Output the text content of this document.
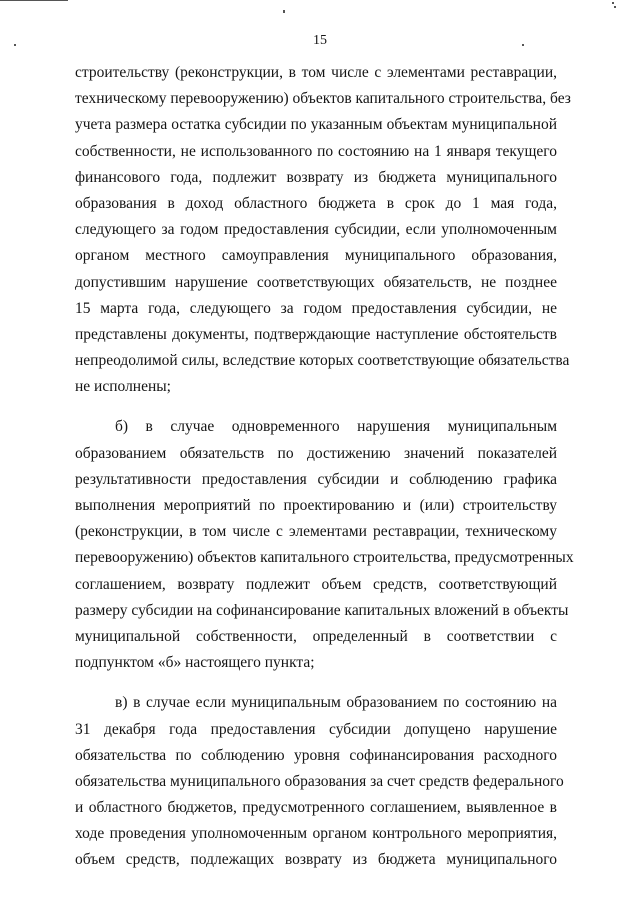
15
строительству (реконструкции, в том числе с элементами реставрации,
техническому перевооружению) объектов капитального строительства, без
учета размера остатка субсидии по указанным объектам муниципальной
собственности, не использованного по состоянию на 1 января текущего
финансового года, подлежит возврату из бюджета муниципального
образования в доход областного бюджета в срок до 1 мая года,
следующего за годом предоставления субсидии, если уполномоченным
органом местного самоуправления муниципального образования,
допустившим нарушение соответствующих обязательств, не позднее
15 марта года, следующего за годом предоставления субсидии, не
представлены документы, подтверждающие наступление обстоятельств
непреодолимой силы, вследствие которых соответствующие обязательства
не исполнены;
б) в случае одновременного нарушения муниципальным
образованием обязательств по достижению значений показателей
результативности предоставления субсидии и соблюдению графика
выполнения мероприятий по проектированию и (или) строительству
(реконструкции, в том числе с элементами реставрации, техническому
перевооружению) объектов капитального строительства, предусмотренных
соглашением, возврату подлежит объем средств, соответствующий
размеру субсидии на софинансирование капитальных вложений в объекты
муниципальной собственности, определенный в соответствии с
подпунктом «б» настоящего пункта;
в) в случае если муниципальным образованием по состоянию на
31 декабря года предоставления субсидии допущено нарушение
обязательства по соблюдению уровня софинансирования расходного
обязательства муниципального образования за счет средств федерального
и областного бюджетов, предусмотренного соглашением, выявленное в
ходе проведения уполномоченным органом контрольного мероприятия,
объем средств, подлежащих возврату из бюджета муниципального
